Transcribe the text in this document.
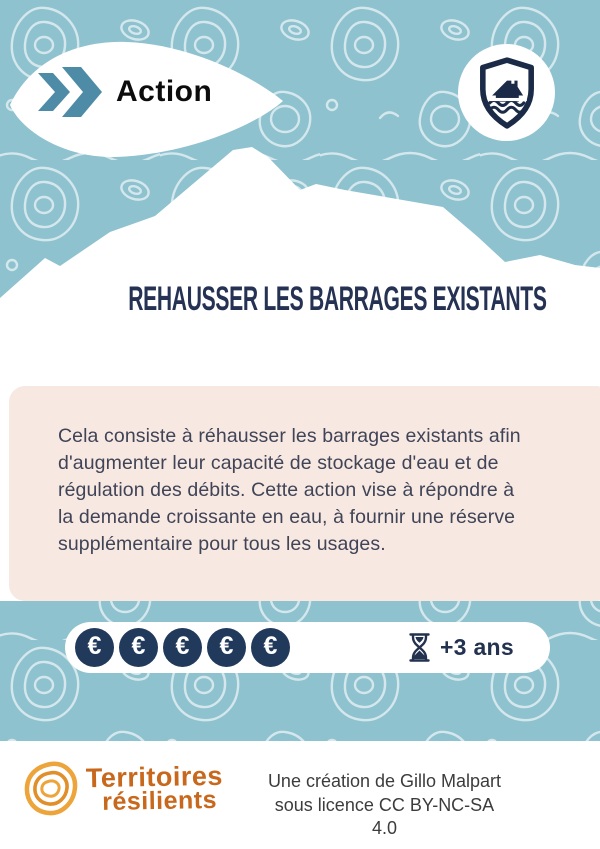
Action
REHAUSSER LES BARRAGES EXISTANTS

Cela consiste à réhausser les barrages existants afin d'augmenter leur capacité de stockage d'eau et de régulation des débits. Cette action vise à répondre à la demande croissante en eau, à fournir une réserve supplémentaire pour tous les usages.

€	€	€	€	€	+3 ans
Territoires
résilients
Une création de Gillo Malpart
sous licence CC BY-NC-SA 4.0
